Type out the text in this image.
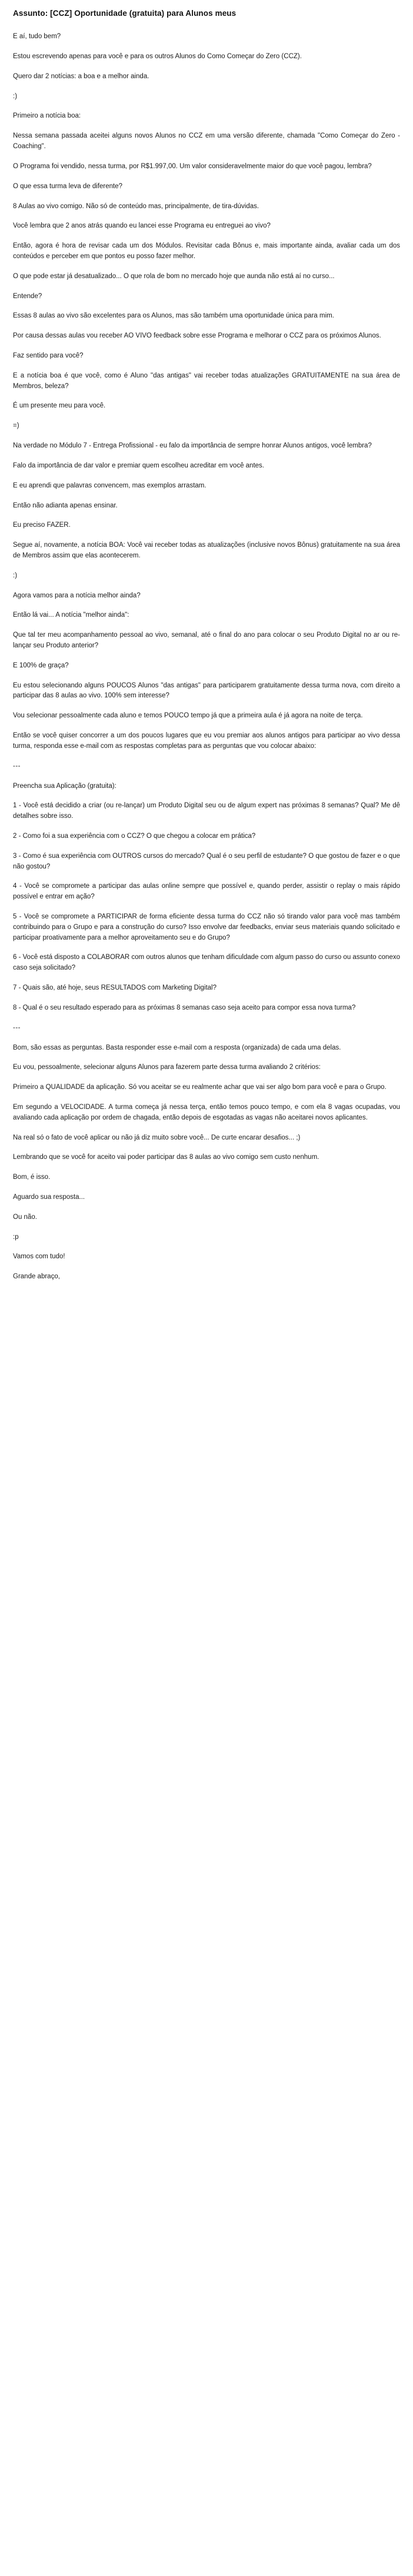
Assunto: [CCZ] Oportunidade (gratuita) para Alunos meus

E aí, tudo bem?

Estou escrevendo apenas para você e para os outros Alunos do Como Começar do Zero (CCZ).

Quero dar 2 notícias: a boa e a melhor ainda.

:)

Primeiro a notícia boa:

Nessa semana passada aceitei alguns novos Alunos no CCZ em uma versão diferente, chamada "Como Começar do Zero - Coaching".

O Programa foi vendido, nessa turma, por R$1.997,00. Um valor consideravelmente maior do que você pagou, lembra?

O que essa turma leva de diferente?

8 Aulas ao vivo comigo. Não só de conteúdo mas, principalmente, de tira-dúvidas.

Você lembra que 2 anos atrás quando eu lancei esse Programa eu entreguei ao vivo?

Então, agora é hora de revisar cada um dos Módulos. Revisitar cada Bônus e, mais importante ainda, avaliar cada um dos conteúdos e perceber em que pontos eu posso fazer melhor.

O que pode estar já desatualizado... O que rola de bom no mercado hoje que aunda não está aí no curso...

Entende?

Essas 8 aulas ao vivo são excelentes para os Alunos, mas são também uma oportunidade única para mim.

Por causa dessas aulas vou receber AO VIVO feedback sobre esse Programa e melhorar o CCZ para os próximos Alunos.

Faz sentido para você?

E a notícia boa é que você, como é Aluno "das antigas" vai receber todas atualizações GRATUITAMENTE na sua área de Membros, beleza?

É um presente meu para você.

=)

Na verdade no Módulo 7 - Entrega Profissional - eu falo da importância de sempre honrar Alunos antigos, você lembra?

Falo da importância de dar valor e premiar quem escolheu acreditar em você antes.

E eu aprendi que palavras convencem, mas exemplos arrastam.

Então não adianta apenas ensinar.

Eu preciso FAZER.

Segue aí, novamente, a notícia BOA: Você vai receber todas as atualizações (inclusive novos Bônus) gratuitamente na sua área de Membros assim que elas acontecerem.

:)

Agora vamos para a notícia melhor ainda?

Então lá vai... A notícia "melhor ainda":

Que tal ter meu acompanhamento pessoal ao vivo, semanal, até o final do ano para colocar o seu Produto Digital no ar ou re-lançar seu Produto anterior?

E 100% de graça?

Eu estou selecionando alguns POUCOS Alunos "das antigas" para participarem gratuitamente dessa turma nova, com direito a participar das 8 aulas ao vivo. 100% sem interesse?

Vou selecionar pessoalmente cada aluno e temos POUCO tempo já que a primeira aula é já agora na noite de terça.

Então se você quiser concorrer a um dos poucos lugares que eu vou premiar aos alunos antigos para participar ao vivo dessa turma, responda esse e-mail com as respostas completas para as perguntas que vou colocar abaixo:

---

Preencha sua Aplicação (gratuita):

1 - Você está decidido a criar (ou re-lançar) um Produto Digital seu ou de algum expert nas próximas 8 semanas? Qual? Me dê detalhes sobre isso.

2 - Como foi a sua experiência com o CCZ? O que chegou a colocar em prática?

3 - Como é sua experiência com OUTROS cursos do mercado? Qual é o seu perfil de estudante? O que gostou de fazer e o que não gostou?

4 - Você se compromete a participar das aulas online sempre que possível e, quando perder, assistir o replay o mais rápido possível e entrar em ação?

5 - Você se compromete a PARTICIPAR de forma eficiente dessa turma do CCZ não só tirando valor para você mas também contribuindo para o Grupo e para a construção do curso? Isso envolve dar feedbacks, enviar seus materiais quando solicitado e participar proativamente para a melhor aproveitamento seu e do Grupo?

6 - Você está disposto a COLABORAR com outros alunos que tenham dificuldade com algum passo do curso ou assunto conexo caso seja solicitado?

7 - Quais são, até hoje, seus RESULTADOS com Marketing Digital?

8 - Qual é o seu resultado esperado para as próximas 8 semanas caso seja aceito para compor essa nova turma?

---

Bom, são essas as perguntas. Basta responder esse e-mail com a resposta (organizada) de cada uma delas.

Eu vou, pessoalmente, selecionar alguns Alunos para fazerem parte dessa turma avaliando 2 critérios:

Primeiro a QUALIDADE da aplicação. Só vou aceitar se eu realmente achar que vai ser algo bom para você e para o Grupo.

Em segundo a VELOCIDADE. A turma começa já nessa terça, então temos pouco tempo, e com ela 8 vagas ocupadas, vou avaliando cada aplicação por ordem de chagada, então depois de esgotadas as vagas não aceitarei novos aplicantes.

Na real só o fato de você aplicar ou não já diz muito sobre você... De curte encarar desafios... ;)

Lembrando que se você for aceito vai poder participar das 8 aulas ao vivo comigo sem custo nenhum.

Bom, é isso.

Aguardo sua resposta...

Ou não.

:p

Vamos com tudo!

Grande abraço,
